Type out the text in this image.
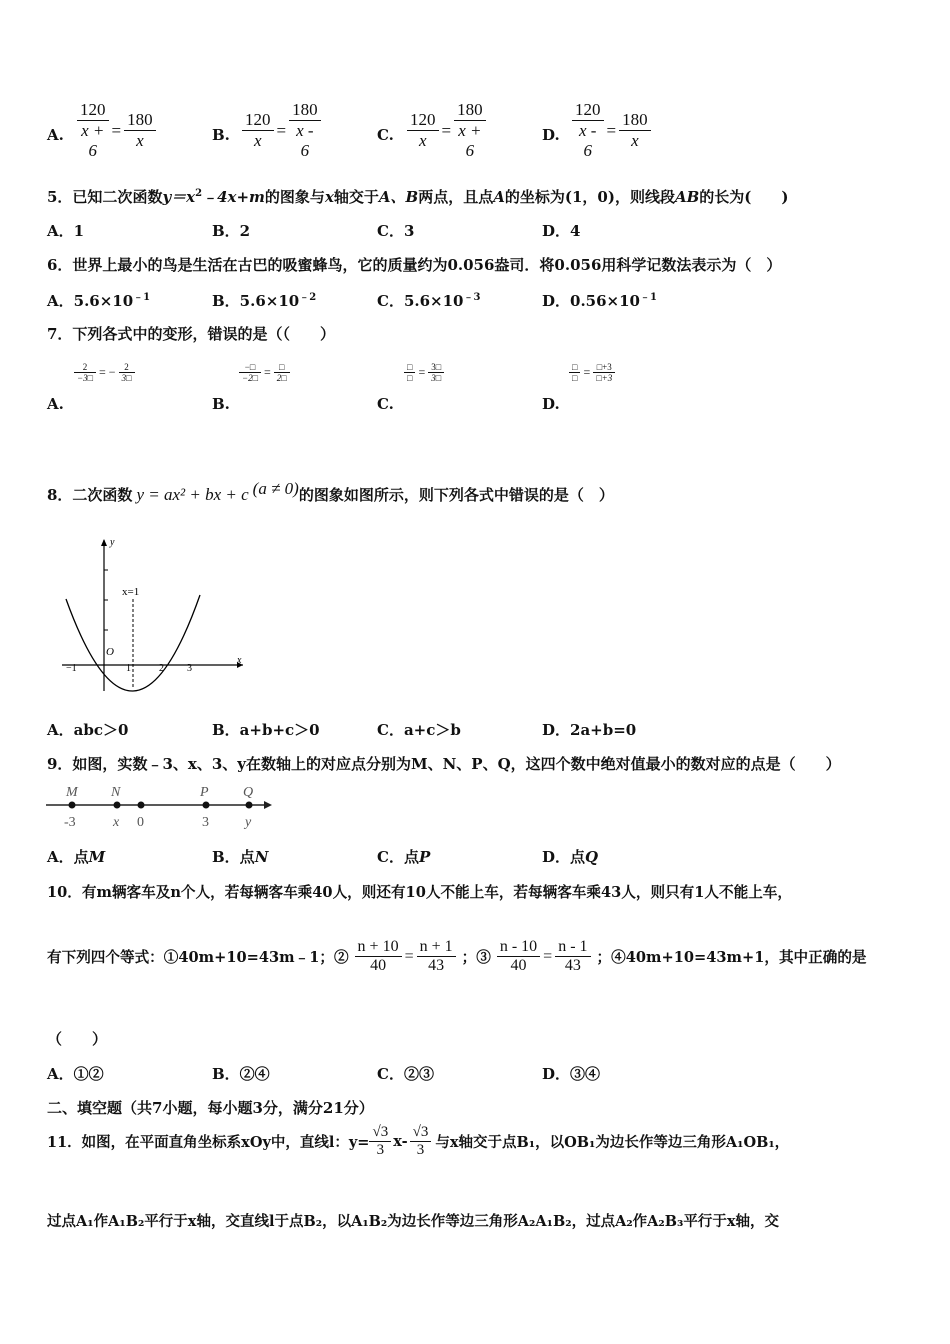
A. $\frac{120}{x + 6} = \frac{180}{x}$	B. $\frac{120}{x} = \frac{180}{x - 6}$	C. $\frac{120}{x} = \frac{180}{x + 6}$	D. $\frac{120}{x - 6} = \frac{180}{x}$
5．已知二次函数$y=x^2﹣4x+m$的图象与x轴交于A、B两点，且点A的坐标为(1，0)，则线段AB的长为(　　)
A．1	B．2	C．3	D．4
6．世界上最小的鸟是生活在古巴的吸蜜蜂鸟，它的质量约为0.056盎司．将0.056用科学记数法表示为（　）
A．$5.6\times 10^{﹣1}$	B．$5.6\times 10^{﹣2}$	C．$5.6\times 10^{﹣3}$	D．$0.56\times 10^{﹣1}$
7．下列各式中的变形，错误的是（（　　）
$\frac{2}{-3□}$ = − $\frac{2}{3□}$	$\frac{-□}{-2□} = \frac{□}{2□}$	$\frac{□}{□} = \frac{3□}{3□}$	$\frac{□}{□} = \frac{□+3}{□+3}$
A.	B.	C.	D.
8．二次函数 y = ax² + bx + c (a ≠ 0) 的图象如图所示，则下列各式中错误的是（　）
y
x
x=1
O
−1	1	2 3
A．abc＞0	B．a+b+c＞0	C．a+c＞b	D．2a+b=0
9．如图，实数﹣3、x、3、y在数轴上的对应点分别为M、N、P、Q，这四个数中绝对值最小的数对应的点是（　　）
M
-3
N
x 0
P
3
Q
y
A．点M	B．点N	C．点P	D．点Q
10．有m辆客车及n个人，若每辆客车乘40人，则还有10人不能上车，若每辆客车乘43人，则只有1人不能上车，
有下列四个等式：①40m+10=43m﹣1；② $\frac{n + 10}{40} = \frac{n + 1}{43}$ ；③ $\frac{n - 10}{40} = \frac{n - 1}{43}$ ；④40m+10=43m+1，其中正确的是
（　　）
A．①②	B．②④	C．②③	D．③④
二、填空题（共7小题，每小题3分，满分21分）
11．如图，在平面直角坐标系xOy中，直线l：$y= \frac{√3}{3} x- \frac{√3}{3}$ 与x轴交于点B₁，以OB₁为边长作等边三角形A₁OB₁，
过点A₁作A₁B₂平行于x轴，交直线l于点B₂，以A₁B₂为边长作等边三角形A₂A₁B₂，过点A₂作A₂B₃平行于x轴，交
